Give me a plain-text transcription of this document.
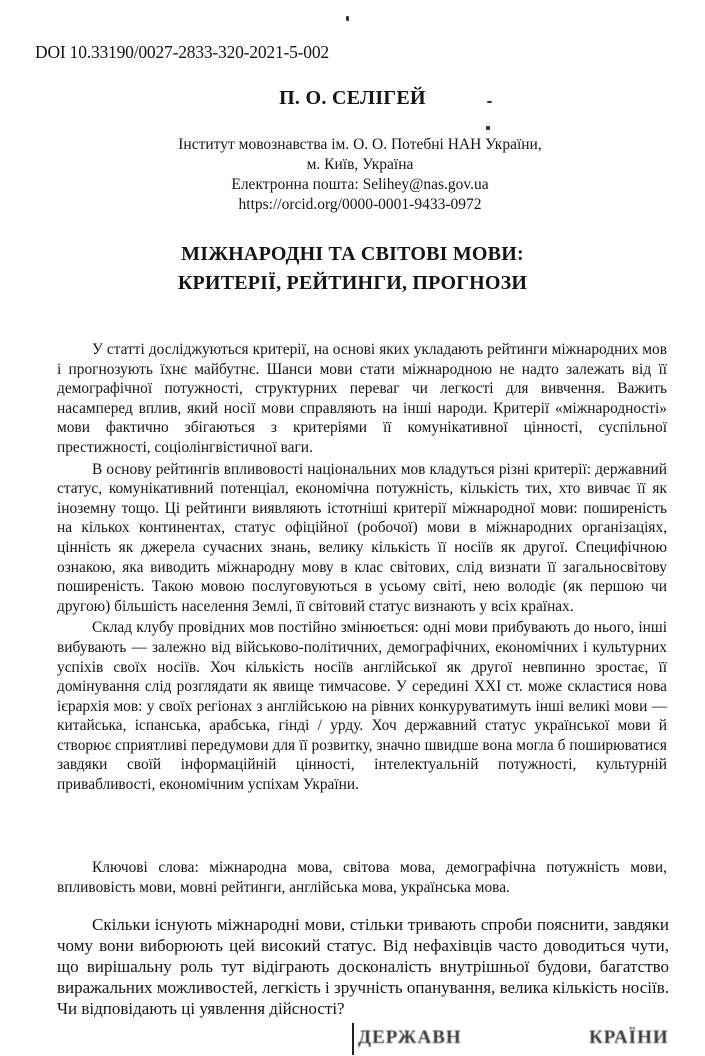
DOI 10.33190/0027-2833-320-2021-5-002
П. О. СЕЛІГЕЙ
Інститут мовознавства ім. О. О. Потебні НАН України,
м. Київ, Україна
Електронна пошта: Selihey@nas.gov.ua
https://orcid.org/0000-0001-9433-0972
МІЖНАРОДНІ ТА СВІТОВІ МОВИ:
КРИТЕРІЇ, РЕЙТИНГИ, ПРОГНОЗИ

У статті досліджуються критерії, на основі яких укладають рейтинги міжнародних мов і прогнозують їхнє майбутнє. Шанси мови стати міжнародною не надто залежать від її демографічної потужності, структурних переваг чи легкості для вивчення. Важить насамперед вплив, який носії мови справляють на інші народи. Критерії «міжнародності» мови фактично збігаються з критеріями її комунікативної цінності, суспільної престижності, соціолінгвістичної ваги.

В основу рейтингів впливовості національних мов кладуться різні критерії: державний статус, комунікативний потенціал, економічна потужність, кількість тих, хто вивчає її як іноземну тощо. Ці рейтинги виявляють істотніші критерії міжнародної мови: поширеність на кількох континентах, статус офіційної (робочої) мови в міжнародних організаціях, цінність як джерела сучасних знань, велику кількість її носіїв як другої. Специфічною ознакою, яка виводить міжнародну мову в клас світових, слід визнати її загальносвітову поширеність. Такою мовою послуговуються в усьому світі, нею володіє (як першою чи другою) більшість населення Землі, її світовий статус визнають у всіх країнах.

Склад клубу провідних мов постійно змінюється: одні мови прибувають до нього, інші вибувають — залежно від військово-політичних, демографічних, економічних і культурних успіхів своїх носіїв. Хоч кількість носіїв англійської як другої невпинно зростає, її домінування слід розглядати як явище тимчасове. У середині XXI ст. може скластися нова ієрархія мов: у своїх регіонах з англійською на рівних конкуруватимуть інші великі мови — китайська, іспанська, арабська, гінді / урду. Хоч державний статус української мови й створює сприятливі передумови для її розвитку, значно швидше вона могла б поширюватися завдяки своїй інформаційній цінності, інтелектуальній потужності, культурній привабливості, економічним успіхам України.

Ключові слова: міжнародна мова, світова мова, демографічна потужність мови, впливовість мови, мовні рейтинги, англійська мова, українська мова.

Скільки існують міжнародні мови, стільки тривають спроби пояснити, завдяки чому вони виборюють цей високий статус. Від нефахівців часто доводиться чути, що вирішальну роль тут відіграють досконалість внутрішньої будови, багатство виражальних можливостей, легкість і зручність опанування, велика кількість носіїв. Чи відповідають ці уявлення дійсності?

ДЕРЖАВН	КРАЇНИ
